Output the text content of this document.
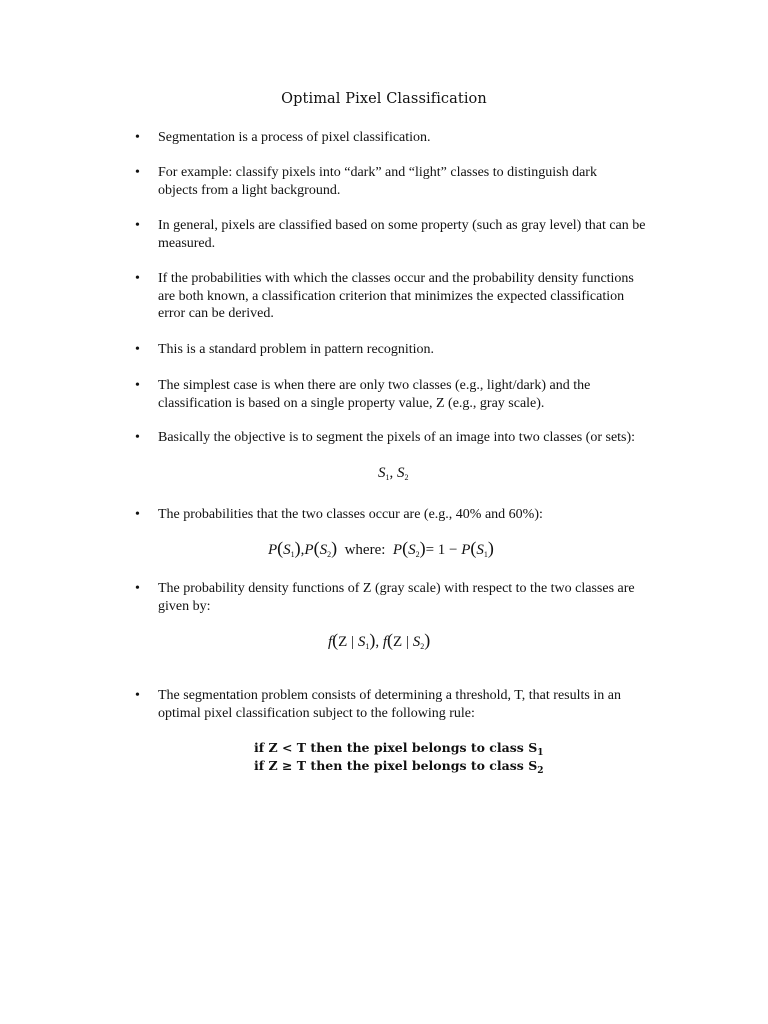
Optimal Pixel Classification
• Segmentation is a process of pixel classification.
• For example: classify pixels into “dark” and “light” classes to distinguish dark objects from a light background.
• In general, pixels are classified based on some property (such as gray level) that can be measured.
• If the probabilities with which the classes occur and the probability density functions are both known, a classification criterion that minimizes the expected classification error can be derived.
• This is a standard problem in pattern recognition.
• The simplest case is when there are only two classes (e.g., light/dark) and the classification is based on a single property value, Z (e.g., gray scale).
• Basically the objective is to segment the pixels of an image into two classes (or sets):
$S_1$, $S_2$
• The probabilities that the two classes occur are (e.g., 40% and 60%):
$P(S_1),P(S_2)$ where: $P(S_2)= 1 - P(S_1)$
• The probability density functions of Z (gray scale) with respect to the two classes are given by:
f(Z | $S_1$), f(Z | $S_2$)
• The segmentation problem consists of determining a threshold, T, that results in an optimal pixel classification subject to the following rule:
if Z < T then the pixel belongs to class $S_1$
if Z ≥ T then the pixel belongs to class $S_2$
